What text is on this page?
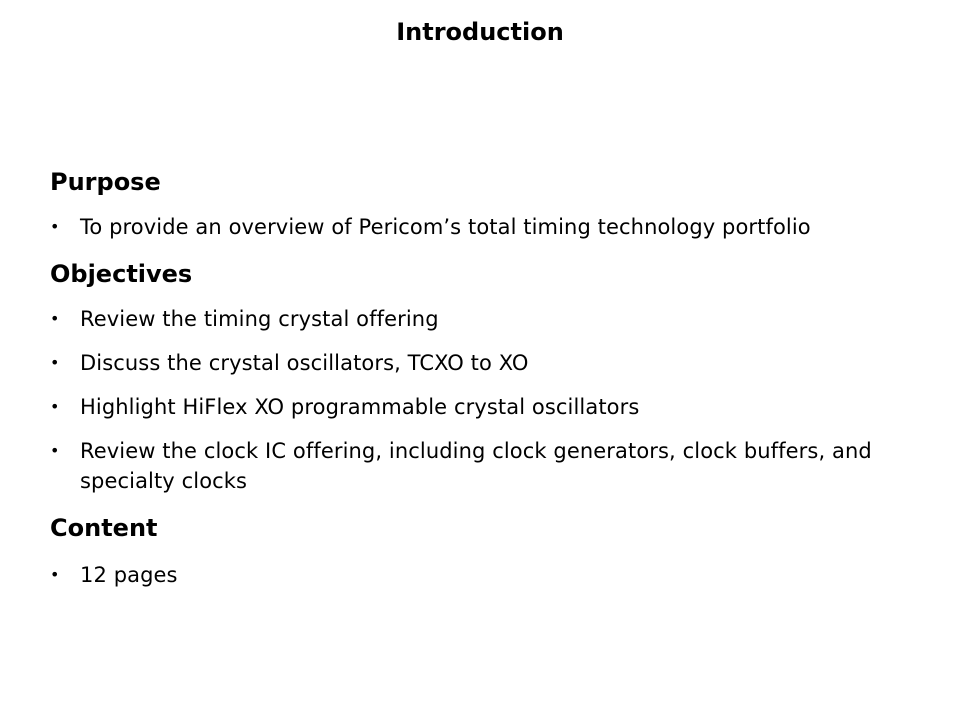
Introduction
Purpose
• To provide an overview of Pericom’s total timing technology portfolio
Objectives
• Review the timing crystal offering
• Discuss the crystal oscillators, TCXO to XO
• Highlight HiFlex XO programmable crystal oscillators
• Review the clock IC offering, including clock generators, clock buffers, and specialty clocks
Content
• 12 pages
